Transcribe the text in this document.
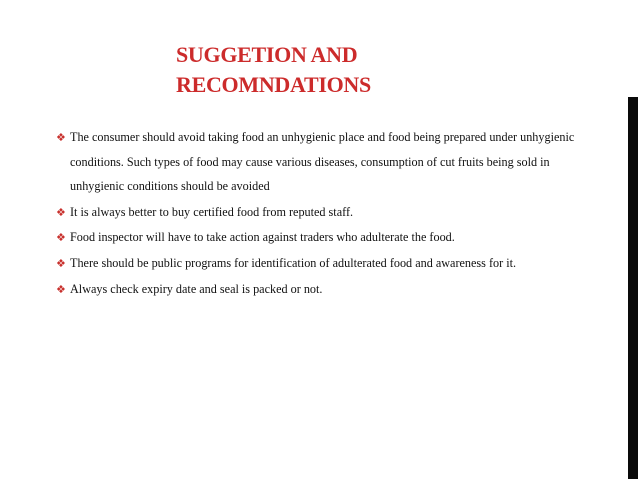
SUGGETION AND
RECOMNDATIONS
❖ The consumer should avoid taking food an unhygienic place and food being prepared under unhygienic conditions. Such types of food may cause various diseases, consumption of cut fruits being sold in unhygienic conditions should be avoided
❖ It is always better to buy certified food from reputed staff.
❖ Food inspector will have to take action against traders who adulterate the food.
❖ There should be public programs for identification of adulterated food and awareness for it.
❖ Always check expiry date and seal is packed or not.
